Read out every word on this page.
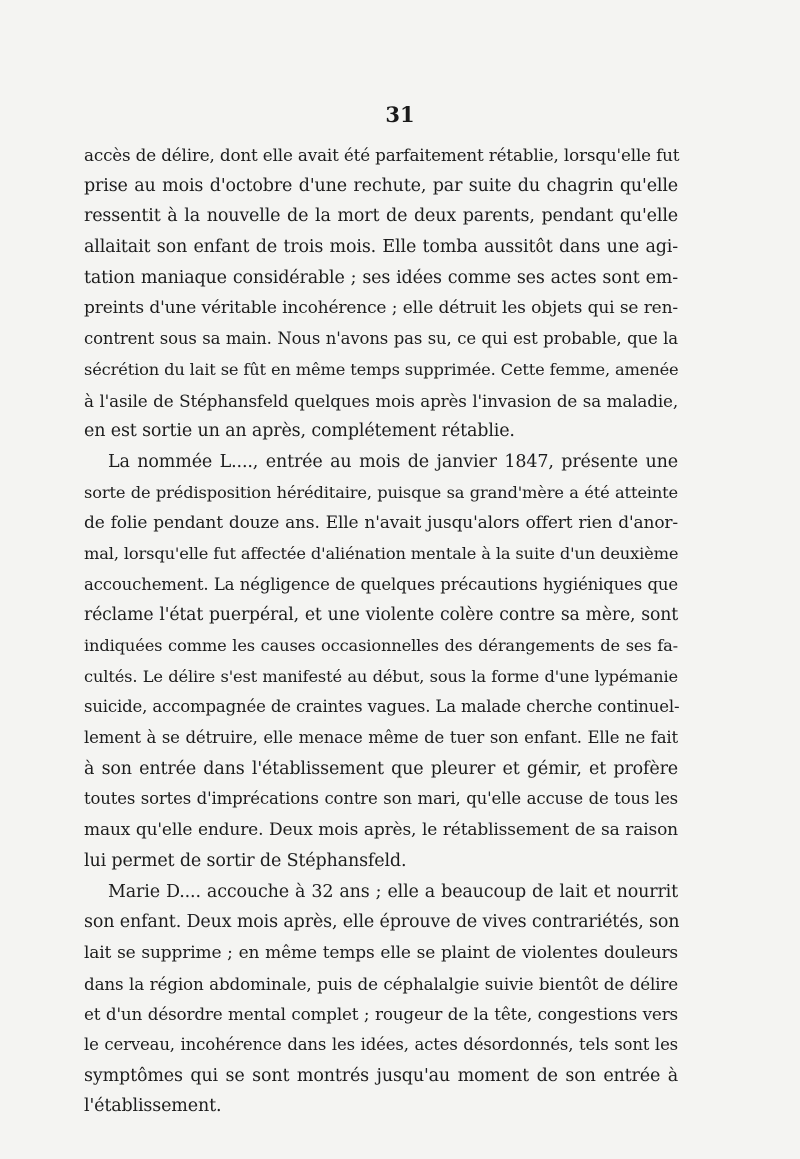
31
accès de délire, dont elle avait été parfaitement rétablie, lorsqu'elle fut
prise au mois d'octobre d'une rechute, par suite du chagrin qu'elle
ressentit à la nouvelle de la mort de deux parents, pendant qu'elle
allaitait son enfant de trois mois. Elle tomba aussitôt dans une agi-
tation maniaque considérable ; ses idées comme ses actes sont em-
preints d'une véritable incohérence ; elle détruit les objets qui se ren-
contrent sous sa main. Nous n'avons pas su, ce qui est probable, que la
sécrétion du lait se fût en même temps supprimée. Cette femme, amenée
à l'asile de Stéphansfeld quelques mois après l'invasion de sa maladie,
en est sortie un an après, complétement rétablie.
La nommée L...., entrée au mois de janvier 1847, présente une
sorte de prédisposition héréditaire, puisque sa grand'mère a été atteinte
de folie pendant douze ans. Elle n'avait jusqu'alors offert rien d'anor-
mal, lorsqu'elle fut affectée d'aliénation mentale à la suite d'un deuxième
accouchement. La négligence de quelques précautions hygiéniques que
réclame l'état puerpéral, et une violente colère contre sa mère, sont
indiquées comme les causes occasionnelles des dérangements de ses fa-
cultés. Le délire s'est manifesté au début, sous la forme d'une lypémanie
suicide, accompagnée de craintes vagues. La malade cherche continuel-
lement à se détruire, elle menace même de tuer son enfant. Elle ne fait
à son entrée dans l'établissement que pleurer et gémir, et profère
toutes sortes d'imprécations contre son mari, qu'elle accuse de tous les
maux qu'elle endure. Deux mois après, le rétablissement de sa raison
lui permet de sortir de Stéphansfeld.
Marie D.... accouche à 32 ans ; elle a beaucoup de lait et nourrit
son enfant. Deux mois après, elle éprouve de vives contrariétés, son
lait se supprime ; en même temps elle se plaint de violentes douleurs
dans la région abdominale, puis de céphalalgie suivie bientôt de délire
et d'un désordre mental complet ; rougeur de la tête, congestions vers
le cerveau, incohérence dans les idées, actes désordonnés, tels sont les
symptômes qui se sont montrés jusqu'au moment de son entrée à
l'établissement.
